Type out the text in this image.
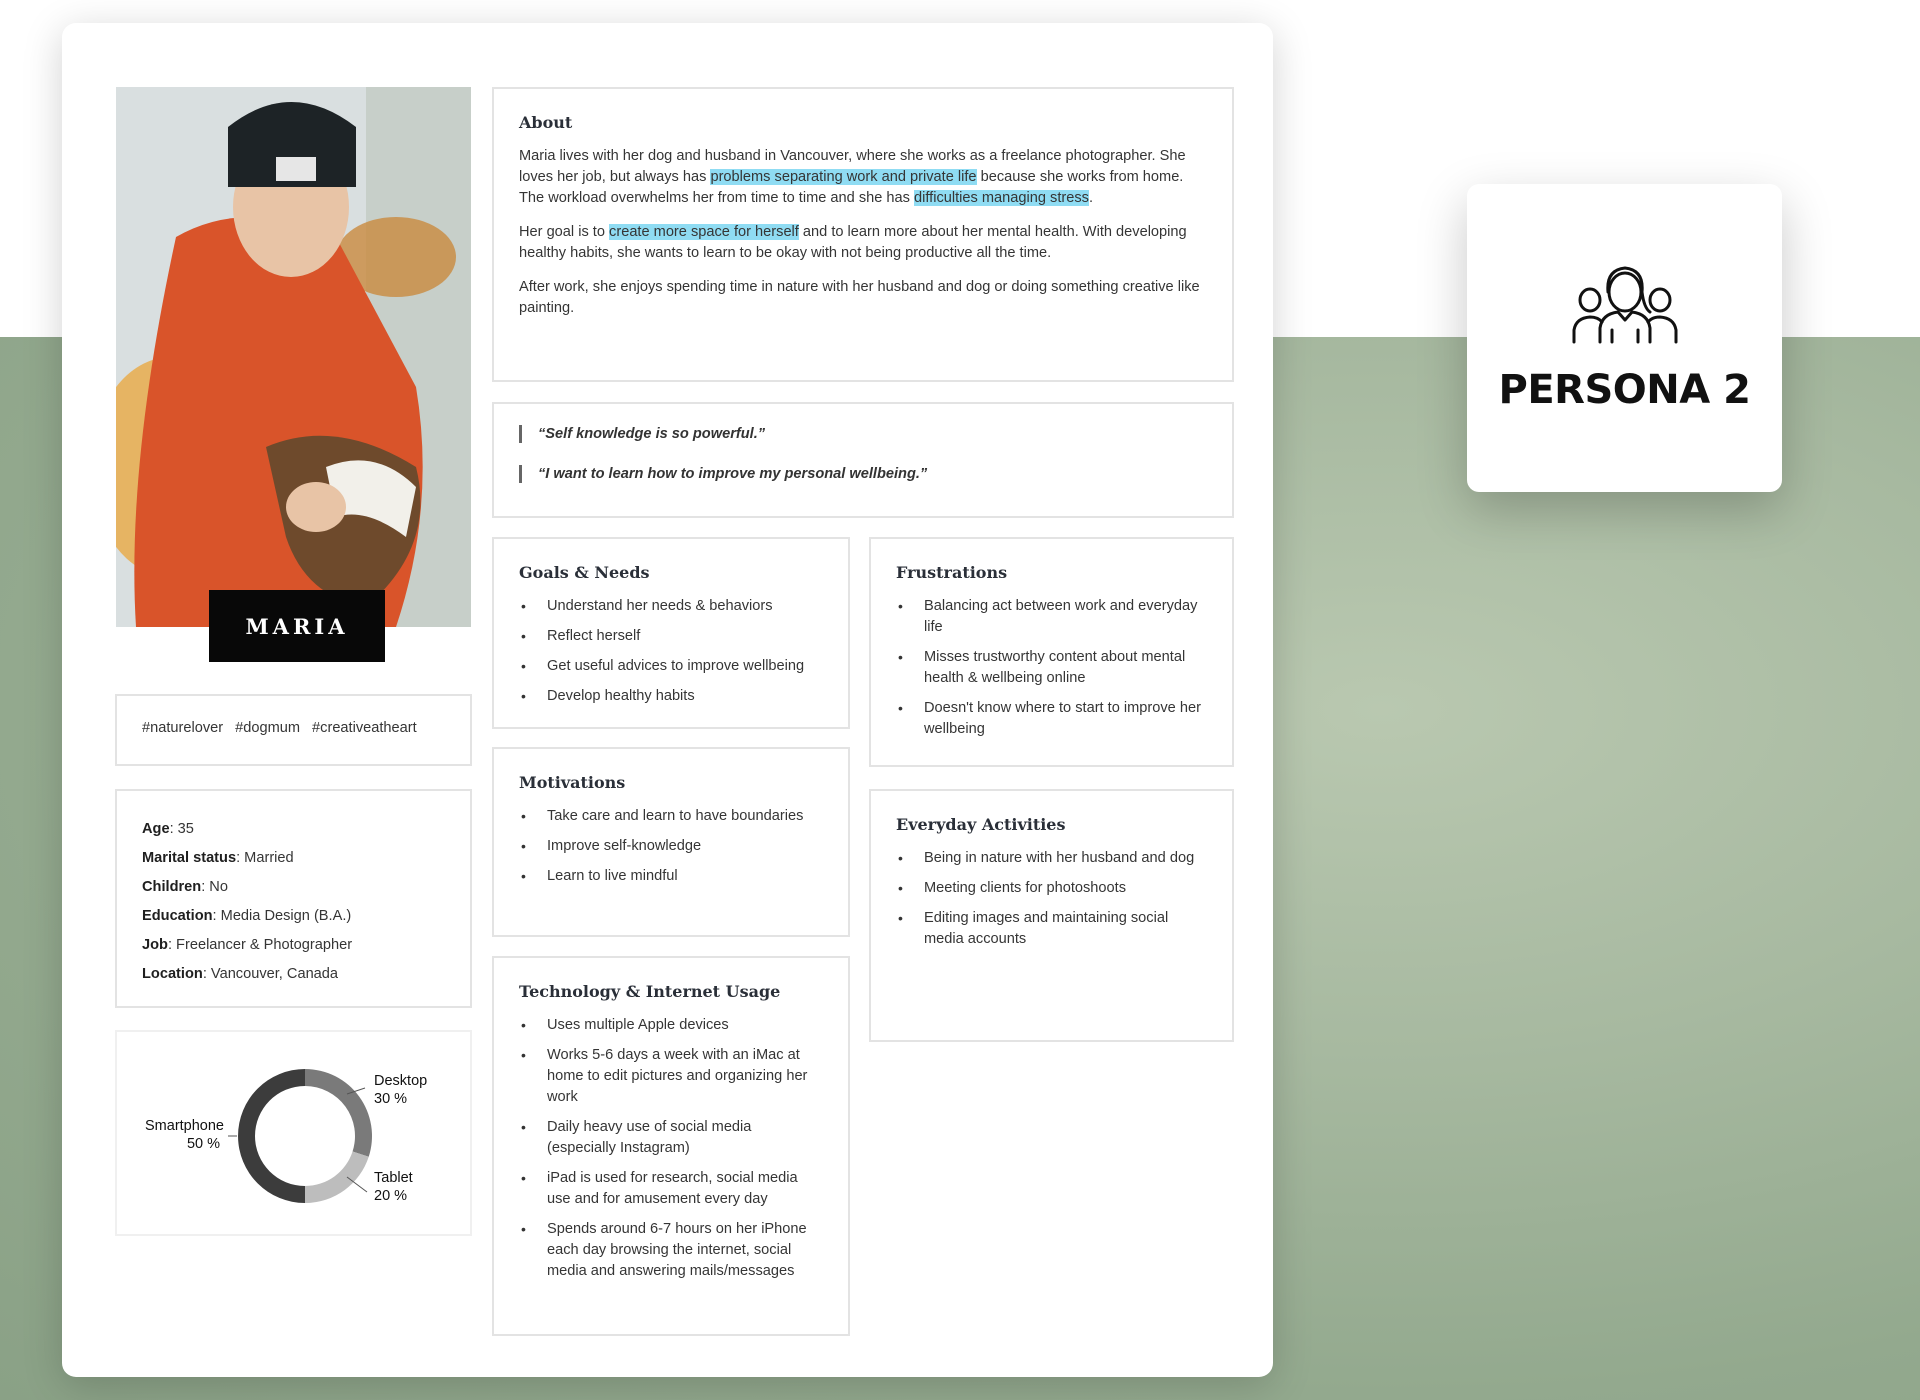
MARIA
#naturelover #dogmum #creativeatheart
Age: 35
Marital status: Married
Children: No
Education: Media Design (B.A.)
Job: Freelancer & Photographer
Location: Vancouver, Canada
Desktop
30 %
Tablet
20 %
Smartphone
50 %
About

Maria lives with her dog and husband in Vancouver, where she works as a freelance photographer. She loves her job, but always has problems separating work and private life because she works from home. The workload overwhelms her from time to time and she has difficulties managing stress.

Her goal is to create more space for herself and to learn more about her mental health. With developing healthy habits, she wants to learn to be okay with not being productive all the time.

After work, she enjoys spending time in nature with her husband and dog or doing something creative like painting.

“Self knowledge is so powerful.”
“I want to learn how to improve my personal wellbeing.”
Goals & Needs
• Understand her needs & behaviors
• Reflect herself
• Get useful advices to improve wellbeing
• Develop healthy habits
Frustrations
• Balancing act between work and everyday life
• Misses trustworthy content about mental health & wellbeing online
• Doesn't know where to start to improve her wellbeing
Motivations
• Take care and learn to have boundaries
• Improve self-knowledge
• Learn to live mindful
Everyday Activities
• Being in nature with her husband and dog
• Meeting clients for photoshoots
• Editing images and maintaining social media accounts
Technology & Internet Usage
• Uses multiple Apple devices
• Works 5-6 days a week with an iMac at home to edit pictures and organizing her work
• Daily heavy use of social media (especially Instagram)
• iPad is used for research, social media use and for amusement every day
• Spends around 6-7 hours on her iPhone each day browsing the internet, social media and answering mails/messages
PERSONA 2
